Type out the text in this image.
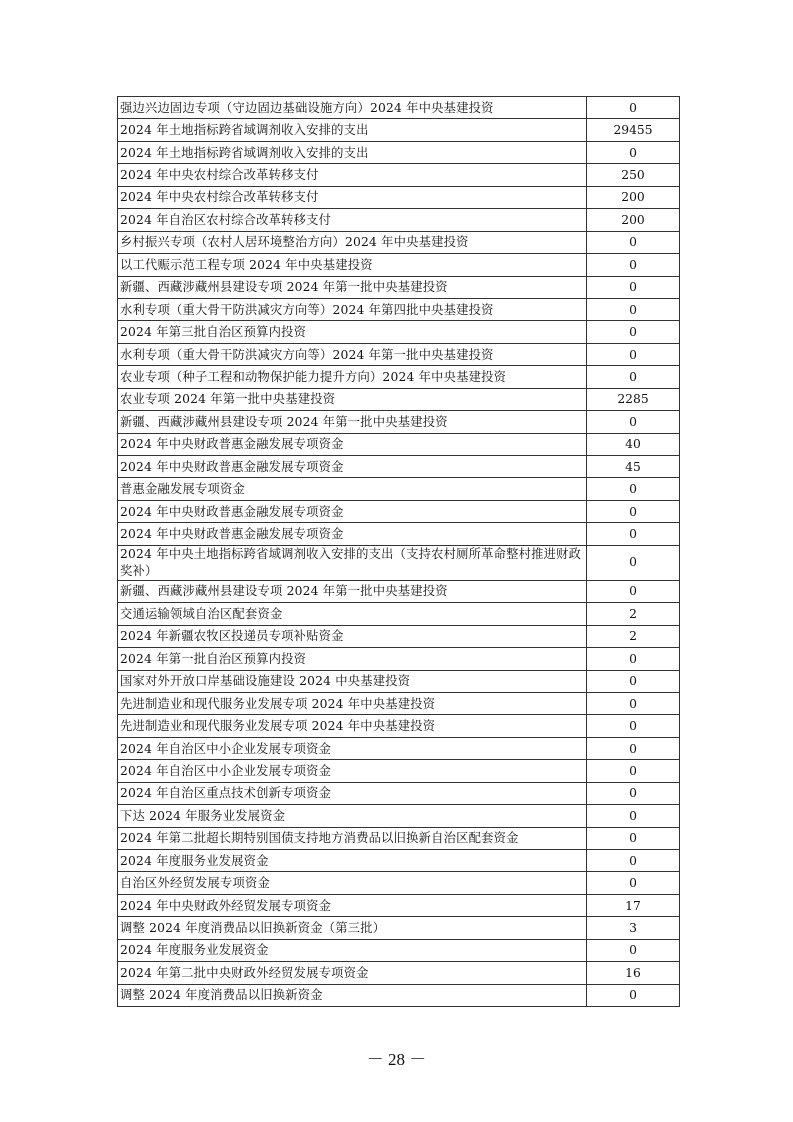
强边兴边固边专项（守边固边基础设施方向）2024 年中央基建投资	0
2024 年土地指标跨省域调剂收入安排的支出	29455
2024 年土地指标跨省域调剂收入安排的支出	0
2024 年中央农村综合改革转移支付	250
2024 年中央农村综合改革转移支付	200
2024 年自治区农村综合改革转移支付	200
乡村振兴专项（农村人居环境整治方向）2024 年中央基建投资	0
以工代赈示范工程专项 2024 年中央基建投资	0
新疆、西藏涉藏州县建设专项 2024 年第一批中央基建投资	0
水利专项（重大骨干防洪减灾方向等）2024 年第四批中央基建投资	0
2024 年第三批自治区预算内投资	0
水利专项（重大骨干防洪减灾方向等）2024 年第一批中央基建投资	0
农业专项（种子工程和动物保护能力提升方向）2024 年中央基建投资	0
农业专项 2024 年第一批中央基建投资	2285
新疆、西藏涉藏州县建设专项 2024 年第一批中央基建投资	0
2024 年中央财政普惠金融发展专项资金	40
2024 年中央财政普惠金融发展专项资金	45
普惠金融发展专项资金	0
2024 年中央财政普惠金融发展专项资金	0
2024 年中央财政普惠金融发展专项资金	0
2024 年中央土地指标跨省域调剂收入安排的支出（支持农村厕所革命整村推进财政奖补）	0
新疆、西藏涉藏州县建设专项 2024 年第一批中央基建投资	0
交通运输领域自治区配套资金	2
2024 年新疆农牧区投递员专项补贴资金	2
2024 年第一批自治区预算内投资	0
国家对外开放口岸基础设施建设 2024 中央基建投资	0
先进制造业和现代服务业发展专项 2024 年中央基建投资	0
先进制造业和现代服务业发展专项 2024 年中央基建投资	0
2024 年自治区中小企业发展专项资金	0
2024 年自治区中小企业发展专项资金	0
2024 年自治区重点技术创新专项资金	0
下达 2024 年服务业发展资金	0
2024 年第二批超长期特别国债支持地方消费品以旧换新自治区配套资金	0
2024 年度服务业发展资金	0
自治区外经贸发展专项资金	0
2024 年中央财政外经贸发展专项资金	17
调整 2024 年度消费品以旧换新资金（第三批）	3
2024 年度服务业发展资金	0
2024 年第二批中央财政外经贸发展专项资金	16
调整 2024 年度消费品以旧换新资金	0
－ 28 －
